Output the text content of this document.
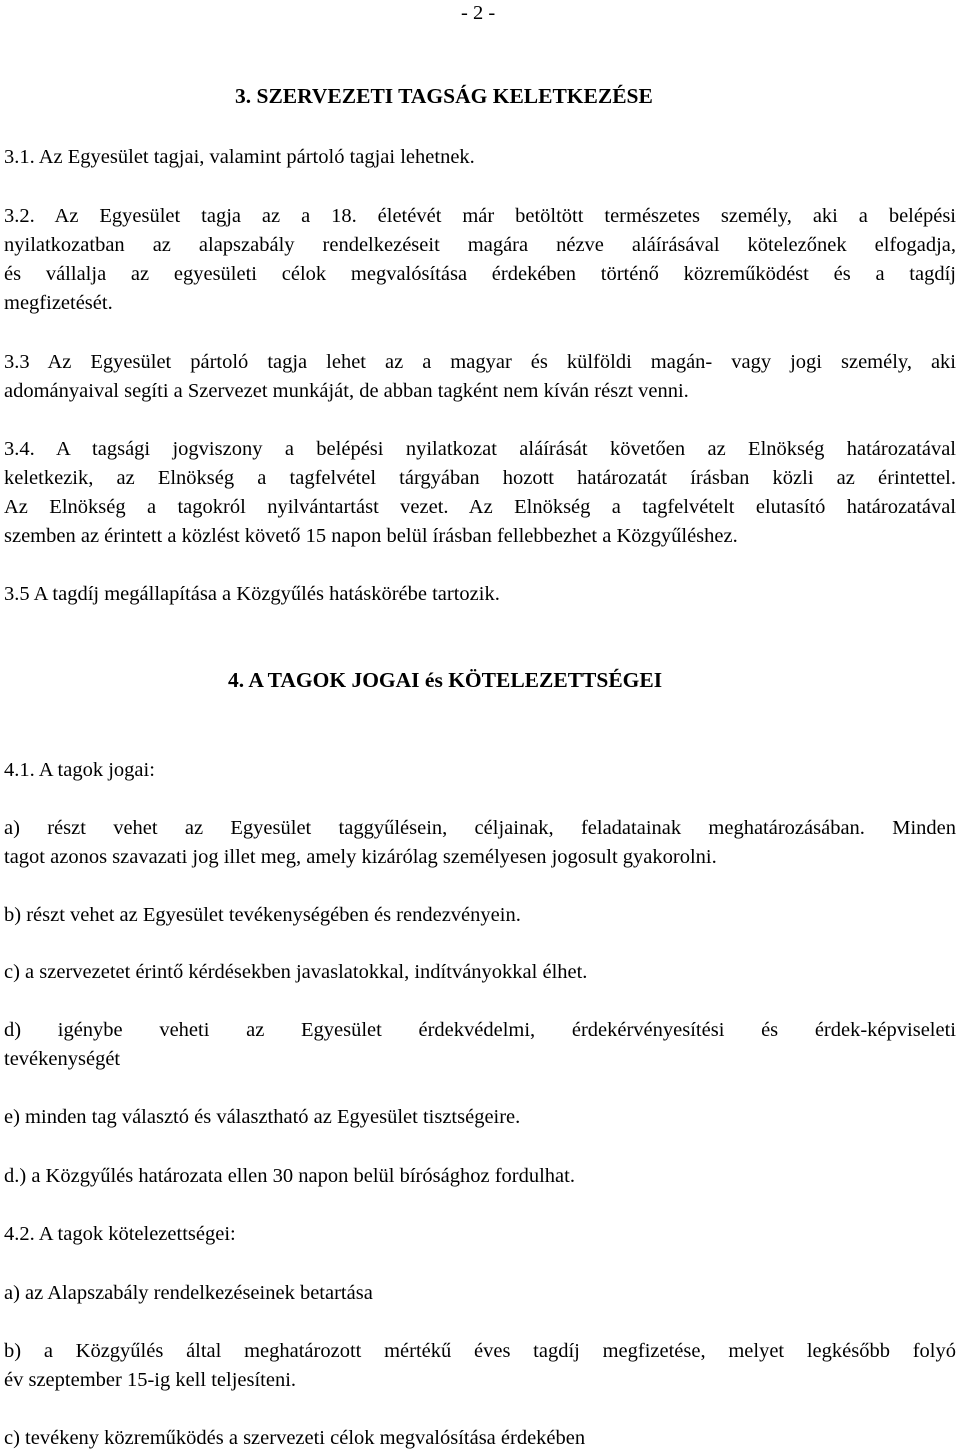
- 2 -

3. SZERVEZETI TAGSÁG KELETKEZÉSE

3.1. Az Egyesület tagjai, valamint pártoló tagjai lehetnek.

3.2. Az Egyesület tagja az a 18. életévét már betöltött természetes személy, aki a belépési

nyilatkozatban az alapszabály rendelkezéseit magára nézve aláírásával kötelezőnek elfogadja,

és vállalja az egyesületi célok megvalósítása érdekében történő közreműködést és a tagdíj

megfizetését.

3.3 Az Egyesület pártoló tagja lehet az a magyar és külföldi magán- vagy jogi személy, aki

adományaival segíti a Szervezet munkáját, de abban tagként nem kíván részt venni.

3.4. A tagsági jogviszony a belépési nyilatkozat aláírását követően az Elnökség határozatával

keletkezik, az Elnökség a tagfelvétel tárgyában hozott határozatát írásban közli az érintettel.

Az Elnökség a tagokról nyilvántartást vezet. Az Elnökség a tagfelvételt elutasító határozatával

szemben az érintett a közlést követő 15 napon belül írásban fellebbezhet a Közgyűléshez.

3.5 A tagdíj megállapítása a Közgyűlés hatáskörébe tartozik.

4. A TAGOK JOGAI és KÖTELEZETTSÉGEI

4.1. A tagok jogai:

a) részt vehet az Egyesület taggyűlésein, céljainak, feladatainak meghatározásában. Minden

tagot azonos szavazati jog illet meg, amely kizárólag személyesen jogosult gyakorolni.

b) részt vehet az Egyesület tevékenységében és rendezvényein.

c) a szervezetet érintő kérdésekben javaslatokkal, indítványokkal élhet.

d) igénybe veheti az Egyesület érdekvédelmi, érdekérvényesítési és érdek-képviseleti

tevékenységét

e) minden tag választó és választható az Egyesület tisztségeire.

d.) a Közgyűlés határozata ellen 30 napon belül bírósághoz fordulhat.

4.2. A tagok kötelezettségei:

a) az Alapszabály rendelkezéseinek betartása

b) a Közgyűlés által meghatározott mértékű éves tagdíj megfizetése, melyet legkésőbb folyó

év szeptember 15-ig kell teljesíteni.

c) tevékeny közreműködés a szervezeti célok megvalósítása érdekében
